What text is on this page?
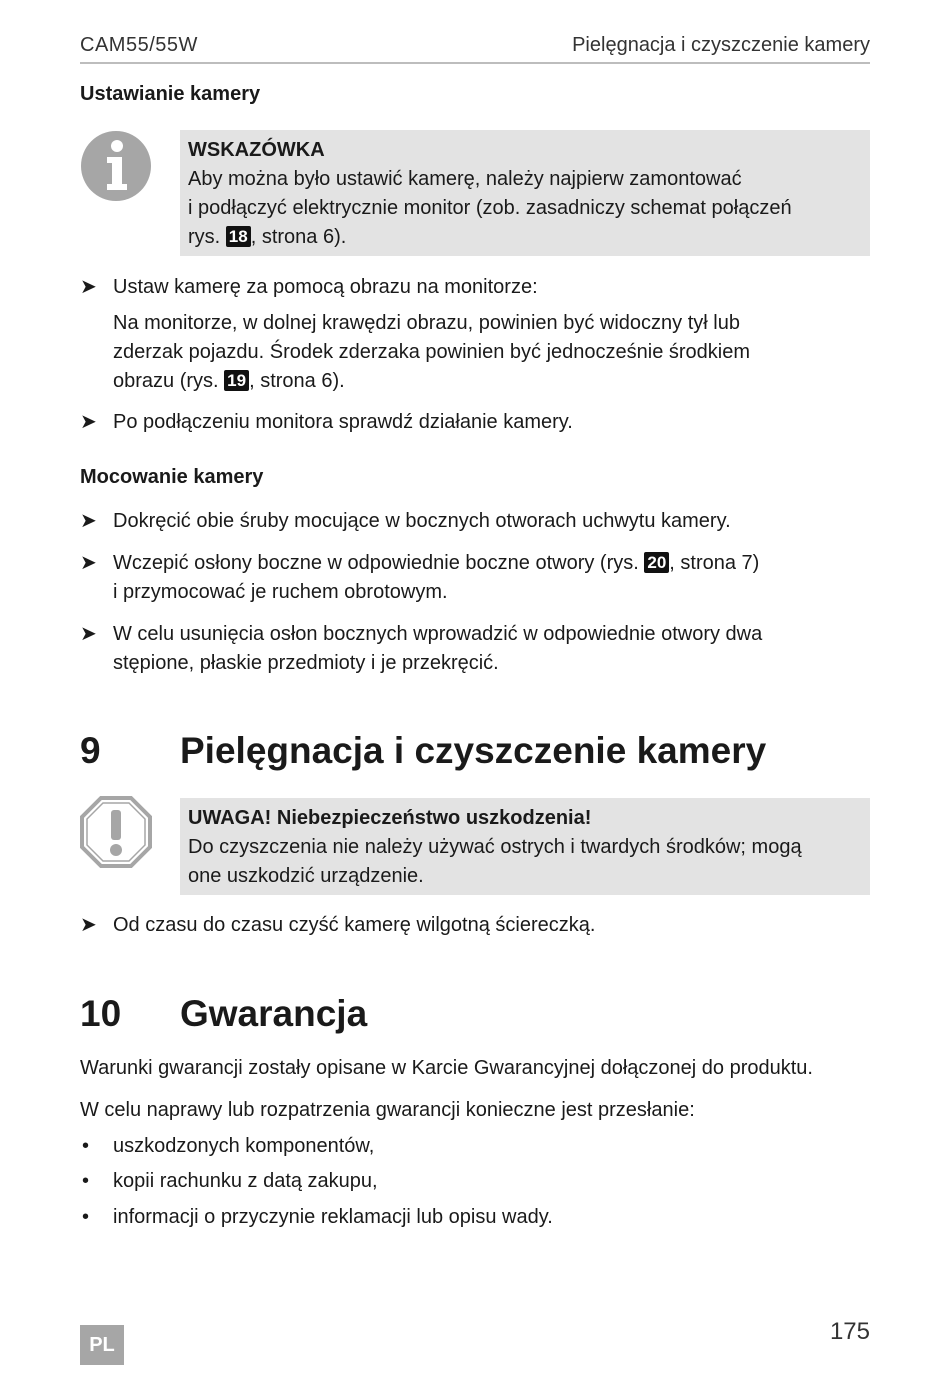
CAM55/55W	Pielęgnacja i czyszczenie kamery
Ustawianie kamery
WSKAZÓWKA
Aby można było ustawić kamerę, należy najpierw zamontować
i podłączyć elektrycznie monitor (zob. zasadniczy schemat połączeń
rys. 18 , strona 6).
➤ Ustaw kamerę za pomocą obrazu na monitorze:
Na monitorze, w dolnej krawędzi obrazu, powinien być widoczny tył lub
zderzak pojazdu. Środek zderzaka powinien być jednocześnie środkiem
obrazu (rys. 19 , strona 6).
➤ Po podłączeniu monitora sprawdź działanie kamery.
Mocowanie kamery
➤ Dokręcić obie śruby mocujące w bocznych otworach uchwytu kamery.
➤ Wczepić osłony boczne w odpowiednie boczne otwory (rys. 20 , strona 7)
i przymocować je ruchem obrotowym.
➤ W celu usunięcia osłon bocznych wprowadzić w odpowiednie otwory dwa
stępione, płaskie przedmioty i je przekręcić.
9 Pielęgnacja i czyszczenie kamery
UWAGA! Niebezpieczeństwo uszkodzenia!
Do czyszczenia nie należy używać ostrych i twardych środków; mogą
one uszkodzić urządzenie.
➤ Od czasu do czasu czyść kamerę wilgotną ściereczką.
10 Gwarancja
Warunki gwarancji zostały opisane w Karcie Gwarancyjnej dołączonej do produktu.
W celu naprawy lub rozpatrzenia gwarancji konieczne jest przesłanie:
• uszkodzonych komponentów,
• kopii rachunku z datą zakupu,
• informacji o przyczynie reklamacji lub opisu wady.
PL	175
